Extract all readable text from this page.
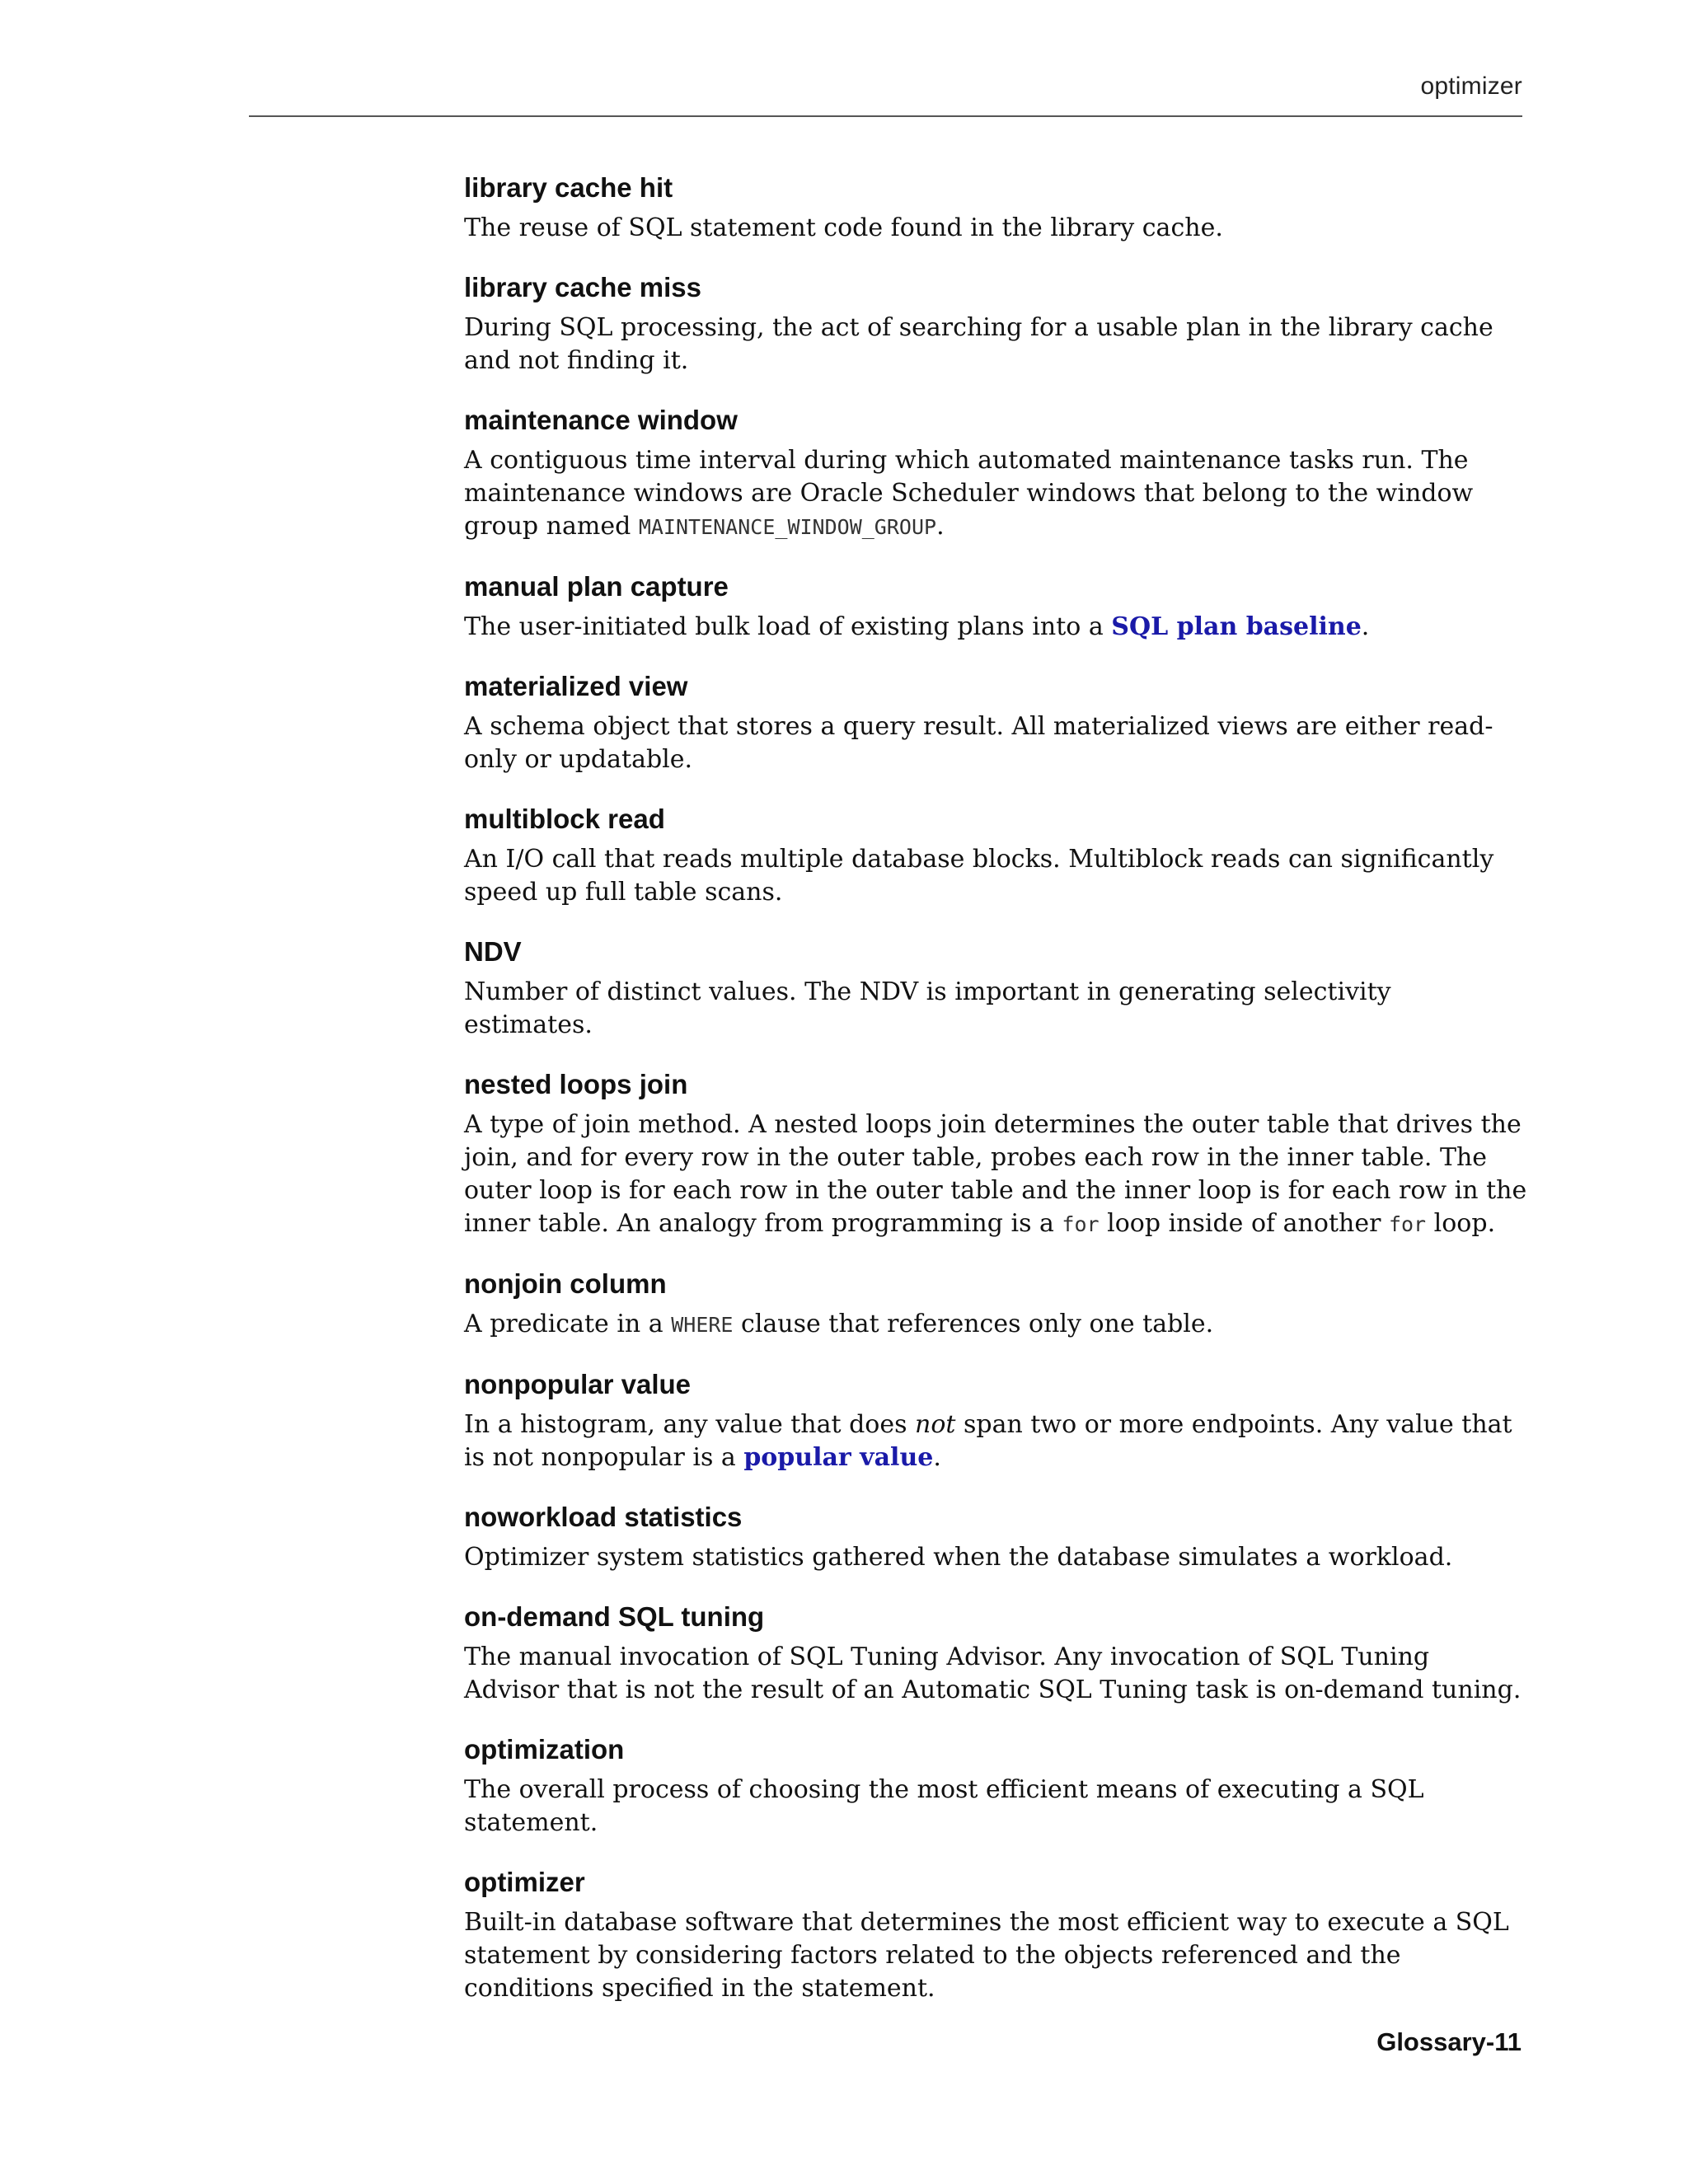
optimizer
library cache hit

The reuse of SQL statement code found in the library cache.

library cache miss

During SQL processing, the act of searching for a usable plan in the library cache and not finding it.

maintenance window

A contiguous time interval during which automated maintenance tasks run. The maintenance windows are Oracle Scheduler windows that belong to the window group named MAINTENANCE_WINDOW_GROUP.

manual plan capture

The user-initiated bulk load of existing plans into a SQL plan baseline.

materialized view

A schema object that stores a query result. All materialized views are either read-only or updatable.

multiblock read

An I/O call that reads multiple database blocks. Multiblock reads can significantly speed up full table scans.

NDV

Number of distinct values. The NDV is important in generating selectivity estimates.

nested loops join

A type of join method. A nested loops join determines the outer table that drives the join, and for every row in the outer table, probes each row in the inner table. The outer loop is for each row in the outer table and the inner loop is for each row in the inner table. An analogy from programming is a for loop inside of another for loop.

nonjoin column

A predicate in a WHERE clause that references only one table.

nonpopular value

In a histogram, any value that does not span two or more endpoints. Any value that is not nonpopular is a popular value.

noworkload statistics

Optimizer system statistics gathered when the database simulates a workload.

on-demand SQL tuning

The manual invocation of SQL Tuning Advisor. Any invocation of SQL Tuning Advisor that is not the result of an Automatic SQL Tuning task is on-demand tuning.

optimization

The overall process of choosing the most efficient means of executing a SQL statement.

optimizer

Built-in database software that determines the most efficient way to execute a SQL statement by considering factors related to the objects referenced and the conditions specified in the statement.

Glossary-11
